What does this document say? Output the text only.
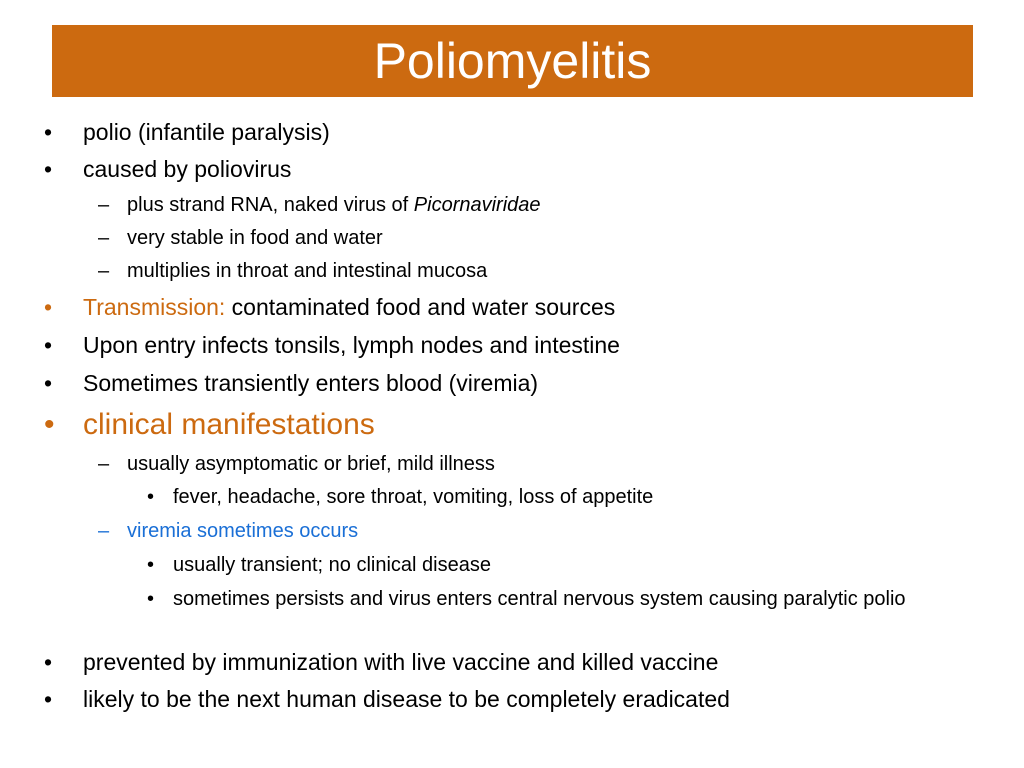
Poliomyelitis
•	polio (infantile paralysis)
•	caused by poliovirus
– plus strand RNA, naked virus of Picornaviridae
– very stable in food and water
– multiplies in throat and intestinal mucosa
•	Transmission: contaminated food and water sources
•	Upon entry infects tonsils, lymph nodes and intestine
•	Sometimes transiently enters blood (viremia)
• clinical manifestations
– usually asymptomatic or brief, mild illness
• fever, headache, sore throat, vomiting, loss of appetite
– viremia sometimes occurs
• usually transient; no clinical disease
• sometimes persists and virus enters central nervous system causing paralytic polio
•	prevented by immunization with live vaccine and killed vaccine
•	likely to be the next human disease to be completely eradicated
